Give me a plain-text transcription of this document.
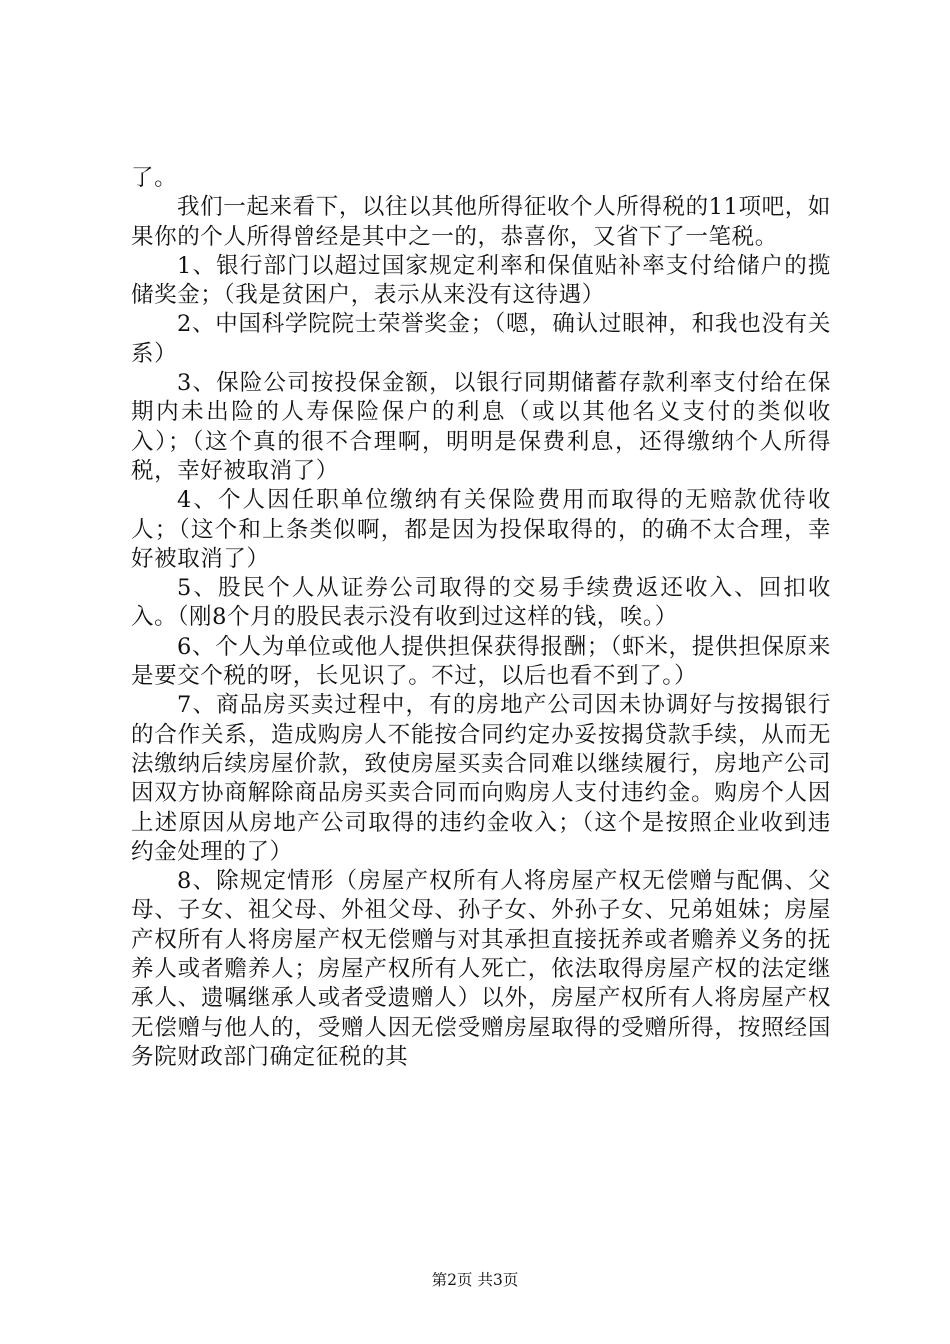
了。

我们一起来看下，以往以其他所得征收个人所得税的11项吧，如果你的个人所得曾经是其中之一的，恭喜你，又省下了一笔税。

1、银行部门以超过国家规定利率和保值贴补率支付给储户的揽储奖金；（我是贫困户，表示从来没有这待遇）

2、中国科学院院士荣誉奖金；（嗯，确认过眼神，和我也没有关系）

3、保险公司按投保金额，以银行同期储蓄存款利率支付给在保期内未出险的人寿保险保户的利息（或以其他名义支付的类似收入）；（这个真的很不合理啊，明明是保费利息，还得缴纳个人所得税，幸好被取消了）

4、个人因任职单位缴纳有关保险费用而取得的无赔款优待收人；（这个和上条类似啊，都是因为投保取得的，的确不太合理，幸好被取消了）

5、股民个人从证券公司取得的交易手续费返还收入、回扣收入。（刚8个月的股民表示没有收到过这样的钱，唉。）

6、个人为单位或他人提供担保获得报酬；（虾米，提供担保原来是要交个税的呀，长见识了。不过，以后也看不到了。）

7、商品房买卖过程中，有的房地产公司因未协调好与按揭银行的合作关系，造成购房人不能按合同约定办妥按揭贷款手续，从而无法缴纳后续房屋价款，致使房屋买卖合同难以继续履行，房地产公司因双方协商解除商品房买卖合同而向购房人支付违约金。购房个人因上述原因从房地产公司取得的违约金收入；（这个是按照企业收到违约金处理的了）

8、除规定情形（房屋产权所有人将房屋产权无偿赠与配偶、父母、子女、祖父母、外祖父母、孙子女、外孙子女、兄弟姐妹；房屋产权所有人将房屋产权无偿赠与对其承担直接抚养或者赡养义务的抚养人或者赡养人；房屋产权所有人死亡，依法取得房屋产权的法定继承人、遗嘱继承人或者受遗赠人）以外，房屋产权所有人将房屋产权无偿赠与他人的，受赠人因无偿受赠房屋取得的受赠所得，按照经国务院财政部门确定征税的其

第2页 共3页
